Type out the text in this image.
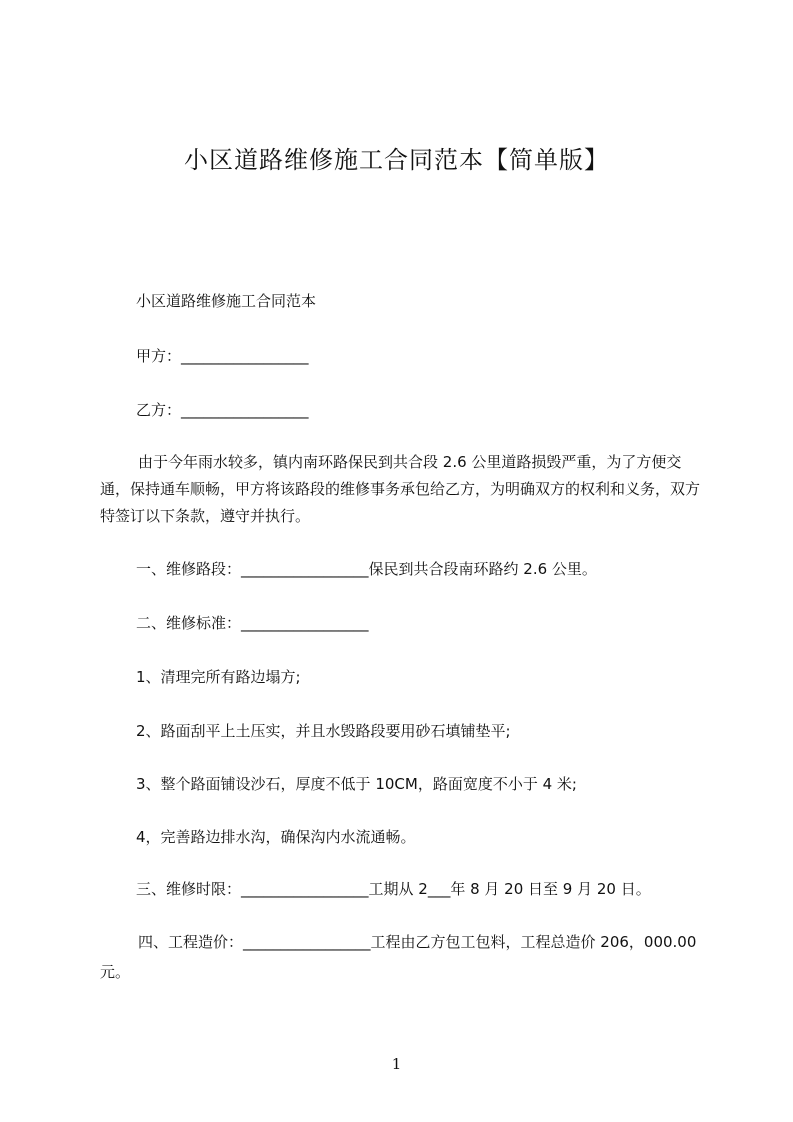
小区道路维修施工合同范本【简单版】
小区道路维修施工合同范本
甲方：_________________
乙方：_________________
由于今年雨水较多，镇内南环路保民到共合段 2.6 公里道路损毁严重，为了方便交通，保持通车顺畅，甲方将该路段的维修事务承包给乙方，为明确双方的权利和义务，双方特签订以下条款，遵守并执行。
一、维修路段：_________________保民到共合段南环路约 2.6 公里。
二、维修标准：_________________
1、清理完所有路边塌方;
2、路面刮平上土压实，并且水毁路段要用砂石填铺垫平;
3、整个路面铺设沙石，厚度不低于 10CM，路面宽度不小于 4 米;
4，完善路边排水沟，确保沟内水流通畅。
三、维修时限：_________________工期从 2___年 8 月 20 日至 9 月 20 日。
四、工程造价：_________________工程由乙方包工包料，工程总造价 206，000.00 元。
1
